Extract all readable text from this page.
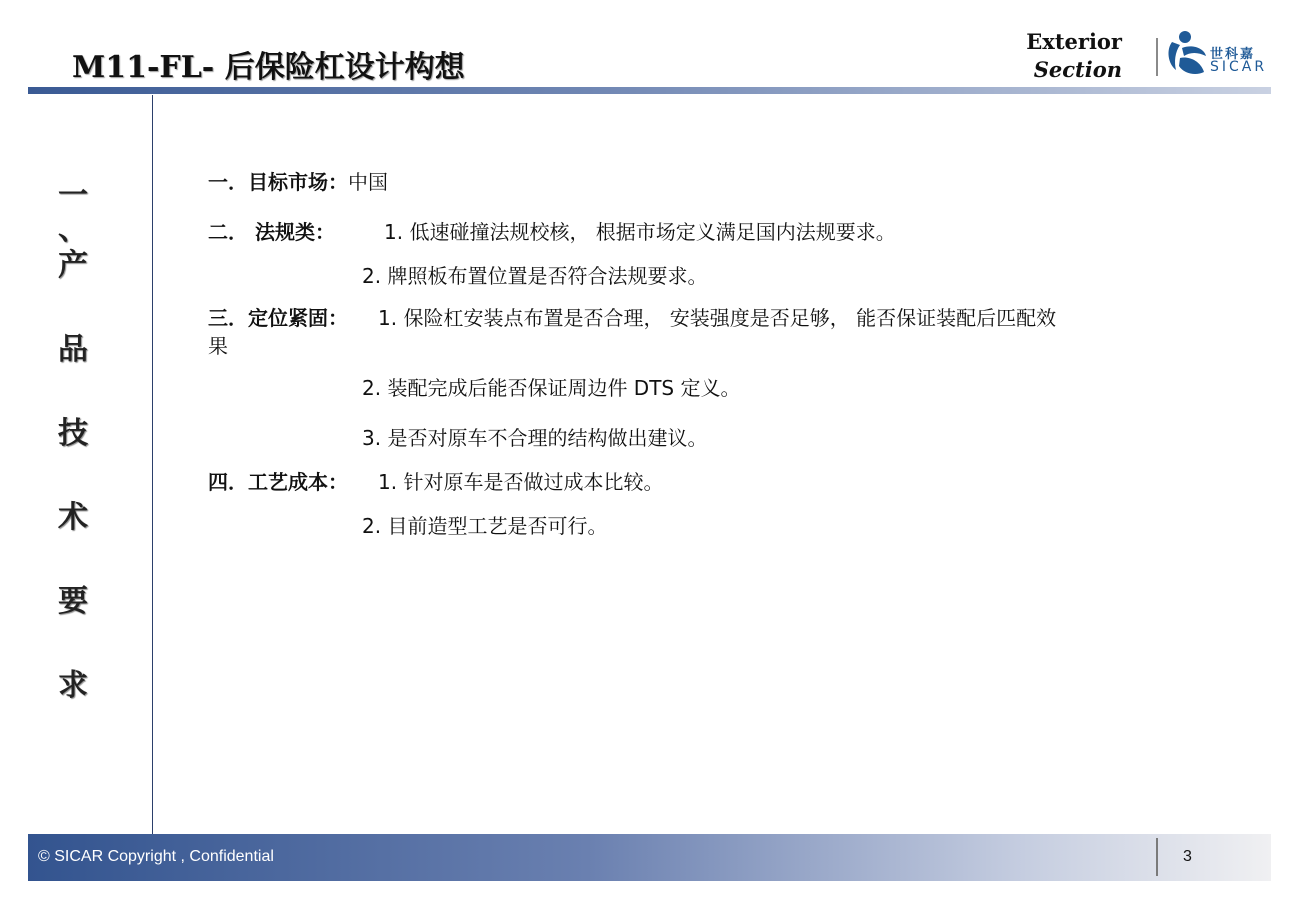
M11-FL- 后保险杠设计构想
Exterior
Section
世科嘉
SICAR
一
、
产
品
技
术
要
求
一．目标市场：中国
二． 法规类： 1. 低速碰撞法规校核， 根据市场定义满足国内法规要求。
2. 牌照板布置位置是否符合法规要求。
三．定位紧固： 1. 保险杠安装点布置是否合理， 安装强度是否足够， 能否保证装配后匹配效
果
2. 装配完成后能否保证周边件 DTS 定义。
3. 是否对原车不合理的结构做出建议。
四．工艺成本： 1. 针对原车是否做过成本比较。
2. 目前造型工艺是否可行。
© SICAR Copyright , Confidential	3
